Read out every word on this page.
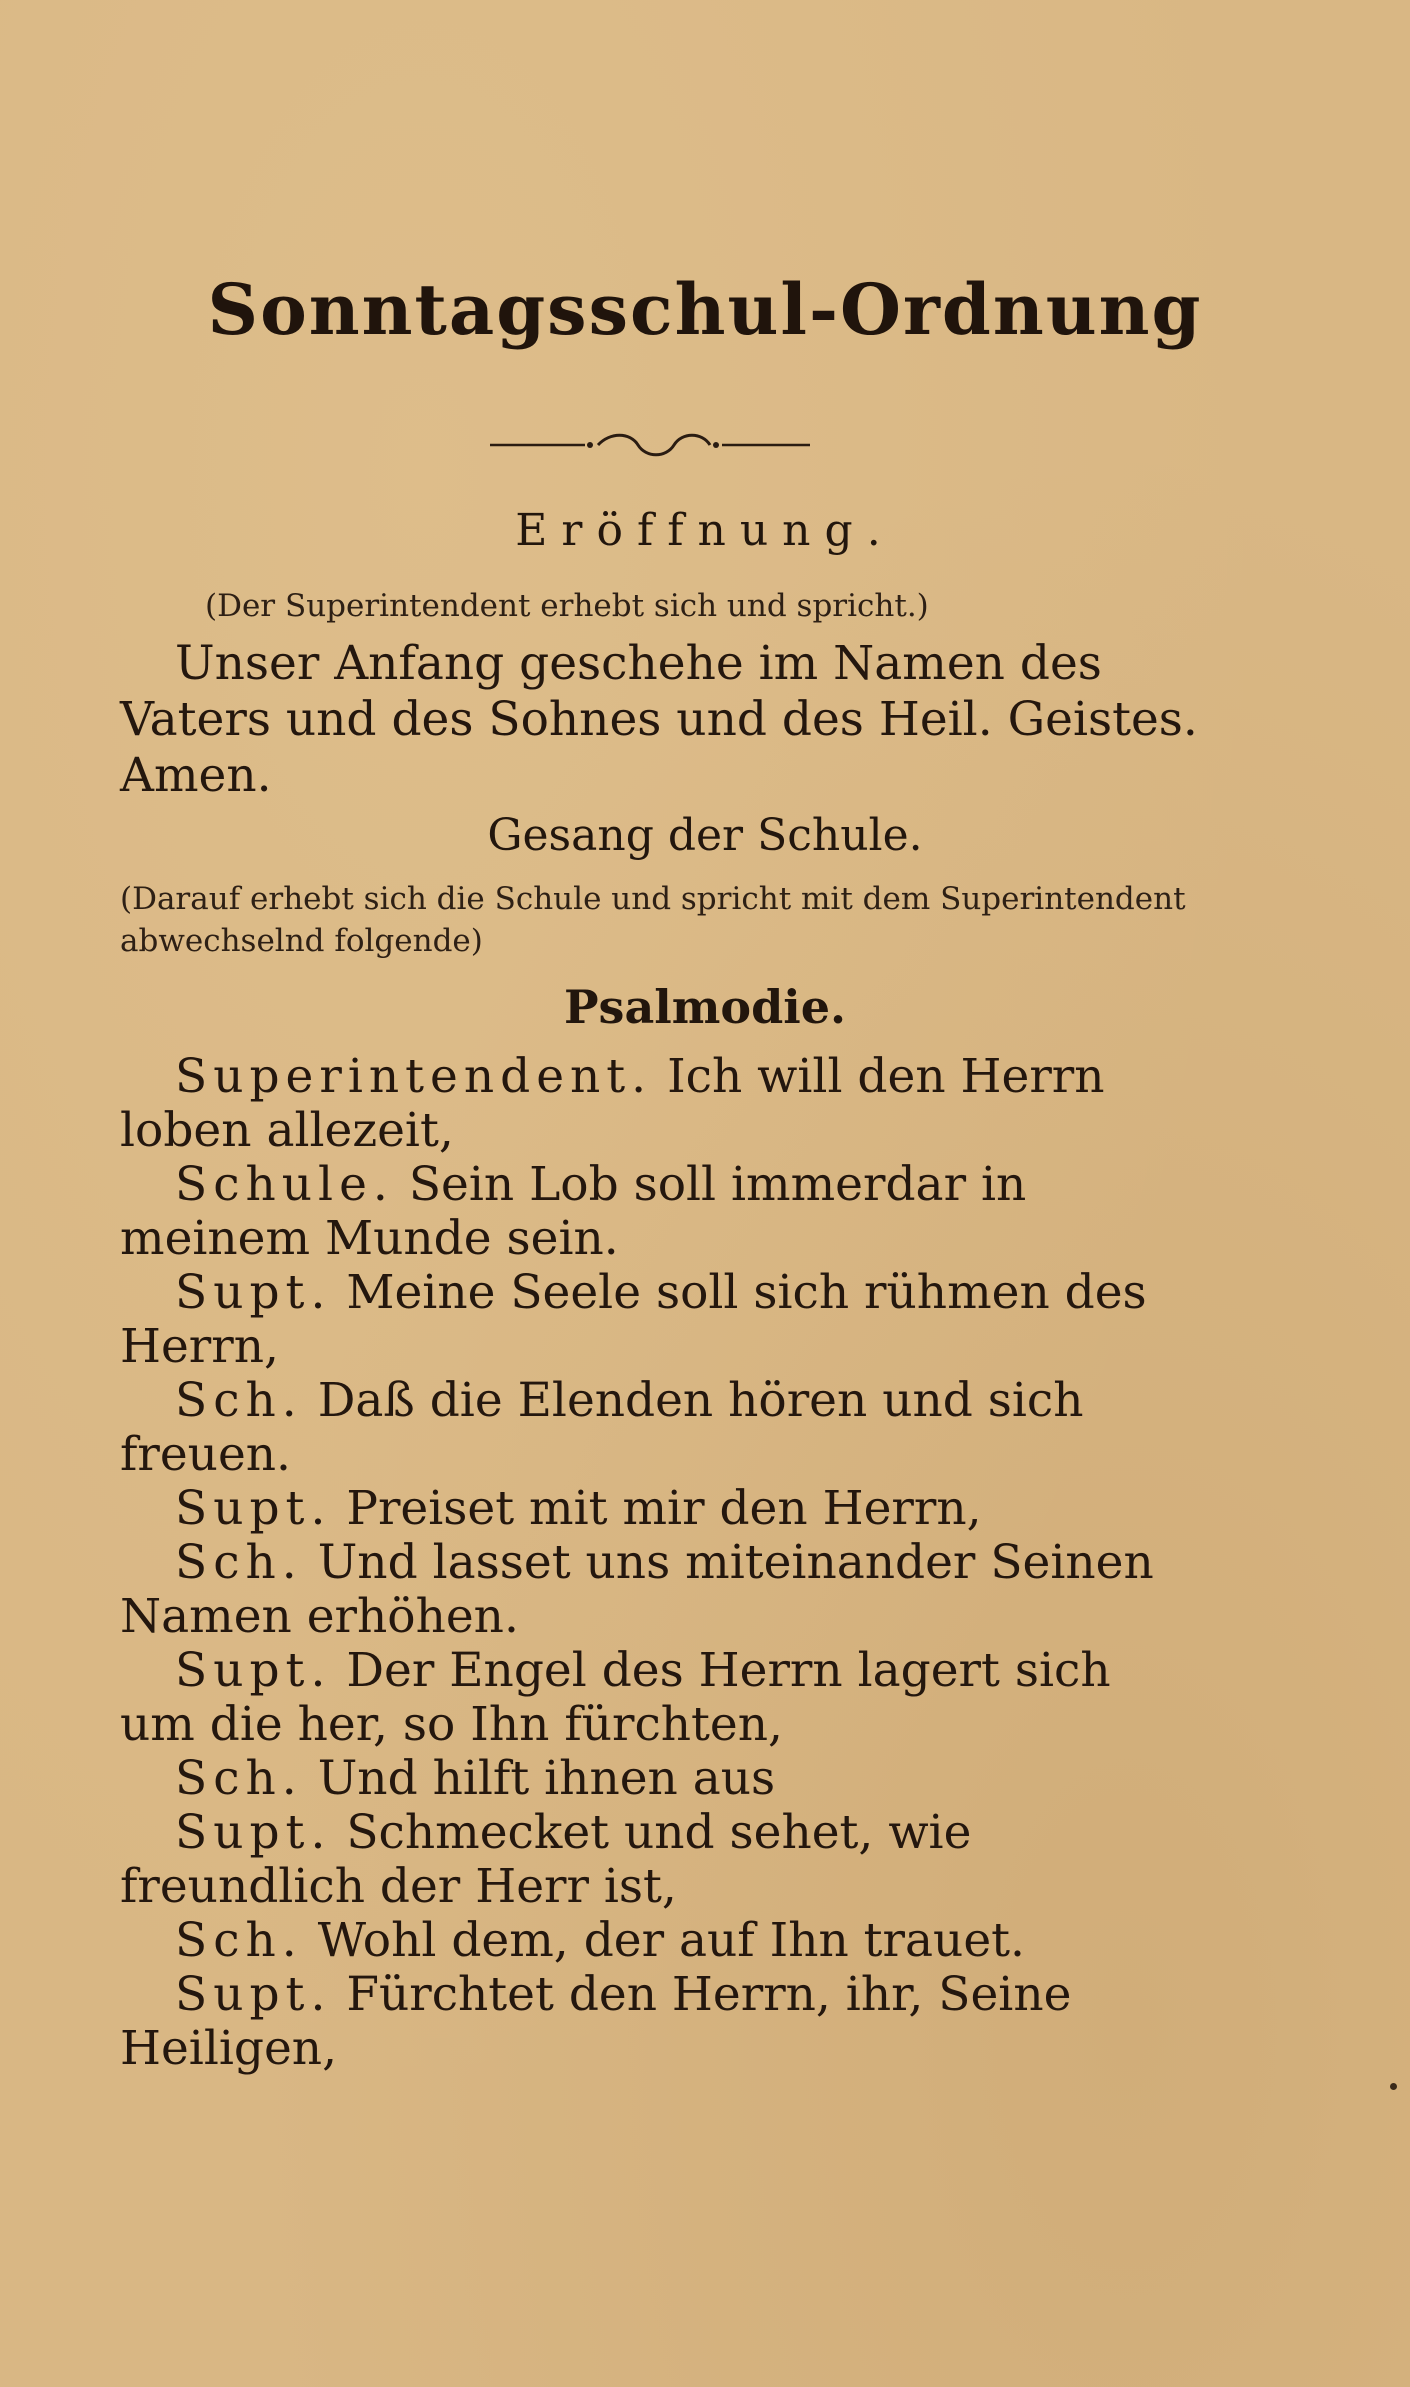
Sonntagsschul-Ordnung
Eröffnung.
(Der Superintendent erhebt sich und spricht.)

Unser Anfang geschehe im Namen des Vaters und des Sohnes und des Heil. Geistes. Amen.

Gesang der Schule.
(Darauf erhebt sich die Schule und spricht mit dem Superintendent abwechselnd folgende)
Psalmodie.

Superintendent. Ich will den Herrn loben allezeit,

Schule. Sein Lob soll immerdar in meinem Munde sein.

Supt. Meine Seele soll sich rühmen des Herrn,

Sch. Daß die Elenden hören und sich freuen.

Supt. Preiset mit mir den Herrn,

Sch. Und lasset uns miteinander Seinen Namen erhöhen.

Supt. Der Engel des Herrn lagert sich um die her, so Ihn fürchten,

Sch. Und hilft ihnen aus

Supt. Schmecket und sehet, wie freundlich der Herr ist,

Sch. Wohl dem, der auf Ihn trauet.

Supt. Fürchtet den Herrn, ihr, Seine Heiligen,
